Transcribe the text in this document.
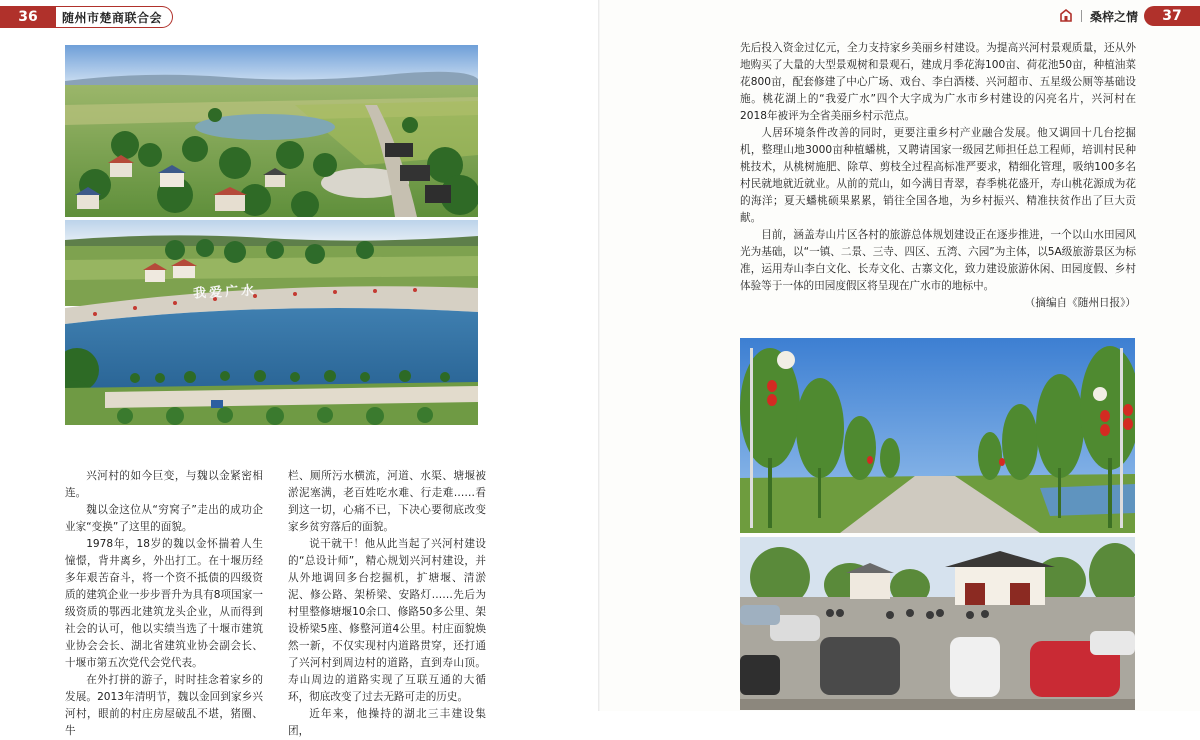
36	随州市楚商联合会
我爱广水

兴河村的如今巨变，与魏以金紧密相连。

魏以金这位从“穷窝子”走出的成功企业家“变换”了这里的面貌。

1978年，18岁的魏以金怀揣着人生憧憬，背井离乡，外出打工。在十堰历经多年艰苦奋斗，将一个资不抵债的四级资质的建筑企业一步步晋升为具有8项国家一级资质的鄂西北建筑龙头企业，从而得到社会的认可，他以实绩当选了十堰市建筑业协会会长、湖北省建筑业协会副会长、十堰市第五次党代会党代表。

在外打拼的游子，时时挂念着家乡的发展。2013年清明节，魏以金回到家乡兴河村，眼前的村庄房屋破乱不堪，猪圈、牛

栏、厕所污水横流，河道、水渠、塘堰被淤泥塞满，老百姓吃水难、行走难……看到这一切，心痛不已，下决心要彻底改变家乡贫穷落后的面貌。

说干就干！他从此当起了兴河村建设的“总设计师”，精心规划兴河村建设，并从外地调回多台挖掘机，扩塘堰、清淤泥、修公路、架桥梁、安路灯……先后为村里整修塘堰10余口、修路50多公里、架设桥梁5座、修整河道4公里。村庄面貌焕然一新，不仅实现村内道路贯穿，还打通了兴河村到周边村的道路，直到寿山顶。寿山周边的道路实现了互联互通的大循环，彻底改变了过去无路可走的历史。

近年来，他操持的湖北三丰建设集团，

桑梓之情	37

先后投入资金过亿元，全力支持家乡美丽乡村建设。为提高兴河村景观质量，还从外地购买了大量的大型景观树和景观石，建成月季花海100亩、荷花池50亩，种植油菜花800亩，配套修建了中心广场、戏台、李白酒楼、兴河超市、五星级公厕等基础设施。桃花湖上的“我爱广水”四个大字成为广水市乡村建设的闪亮名片，兴河村在2018年被评为全省美丽乡村示范点。

人居环境条件改善的同时，更要注重乡村产业融合发展。他又调回十几台挖掘机，整理山地3000亩种植蟠桃，又聘请国家一级园艺师担任总工程师，培训村民种桃技术，从桃树施肥、除草、剪枝全过程高标准严要求，精细化管理，吸纳100多名村民就地就近就业。从前的荒山，如今满目青翠，春季桃花盛开，寿山桃花源成为花的海洋；夏天蟠桃硕果累累，销往全国各地，为乡村振兴、精准扶贫作出了巨大贡献。

目前，涵盖寿山片区各村的旅游总体规划建设正在逐步推进，一个以山水田园风光为基础，以“一镇、二景、三寺、四区、五湾、六园”为主体，以5A级旅游景区为标准，运用寿山李白文化、长寿文化、古寨文化，致力建设旅游休闲、田园度假、乡村体验等于一体的田园度假区将呈现在广水市的地标中。

（摘编自《随州日报》）
